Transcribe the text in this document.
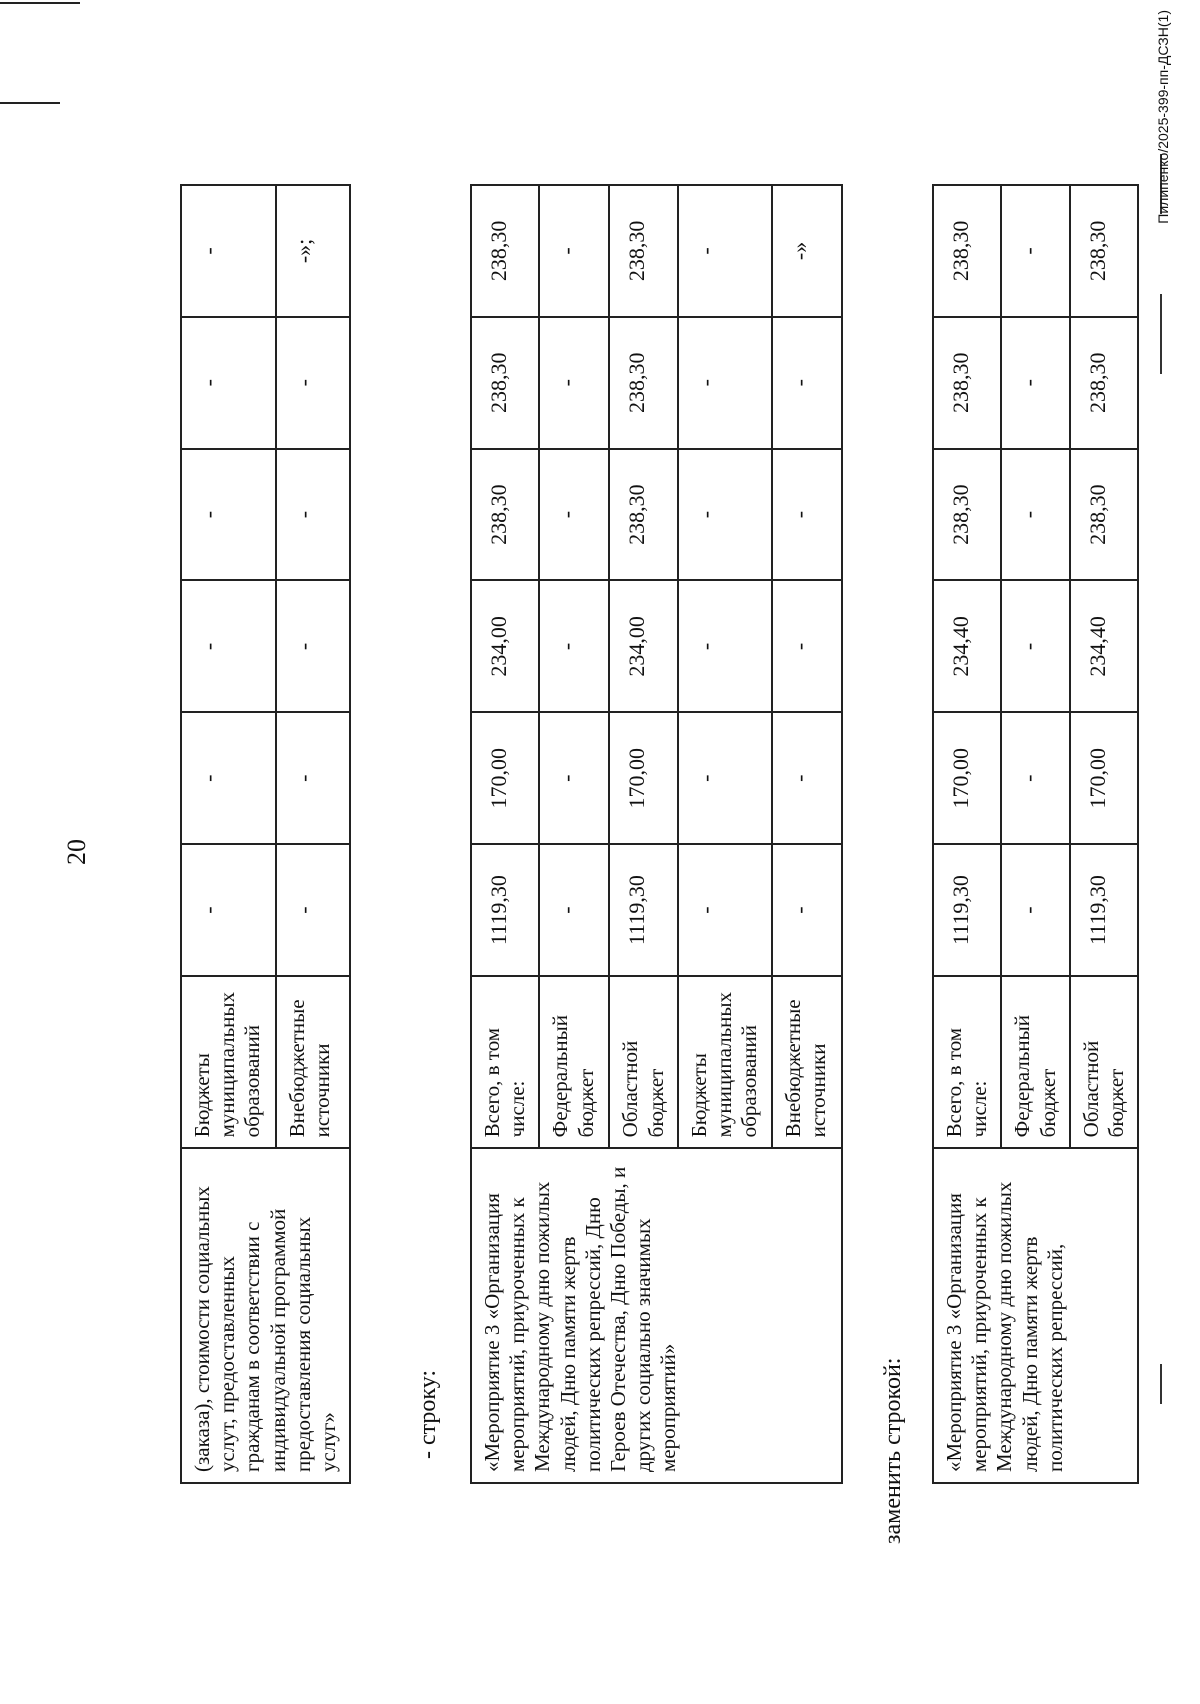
20
Пилипенко/2025-399-пп-ДСЗН(1)
(заказа), стоимости социальных услут, предоставленных гражданам в соответствии с индивидуальной программой предоставления социальных услуг»	Бюджеты муниципальных образований	-	-	-	-	-	-
	Внебюджетные источники	-	-	-	-	-	-»;
- строку: «Мероприятие 3 «Организация мероприятий, приуроченных к Международному дню пожилых людей, Дню памяти жертв политических репрессий, Дню Героев Отечества, Дню Победы, и других социально значимых мероприятий»	Всего, в том числе:	1119,30	170,00	234,00	238,30	238,30	238,30
	Федеральный бюджет	-	-	-	-	-	-
	Областной бюджет	1119,30	170,00	234,00	238,30	238,30	238,30
	Бюджеты муниципальных образований	-	-	-	-	-	-
	Внебюджетные источники	-	-	-	-	-	-»
заменить строкой: «Мероприятие 3 «Организация мероприятий, приуроченных к Международному дню пожилых людей, Дню памяти жертв политических репрессий,	Всего, в том числе:	1119,30	170,00	234,40	238,30	238,30	238,30
	Федеральный бюджет	-	-	-	-	-	-
	Областной бюджет	1119,30	170,00	234,40	238,30	238,30	238,30
